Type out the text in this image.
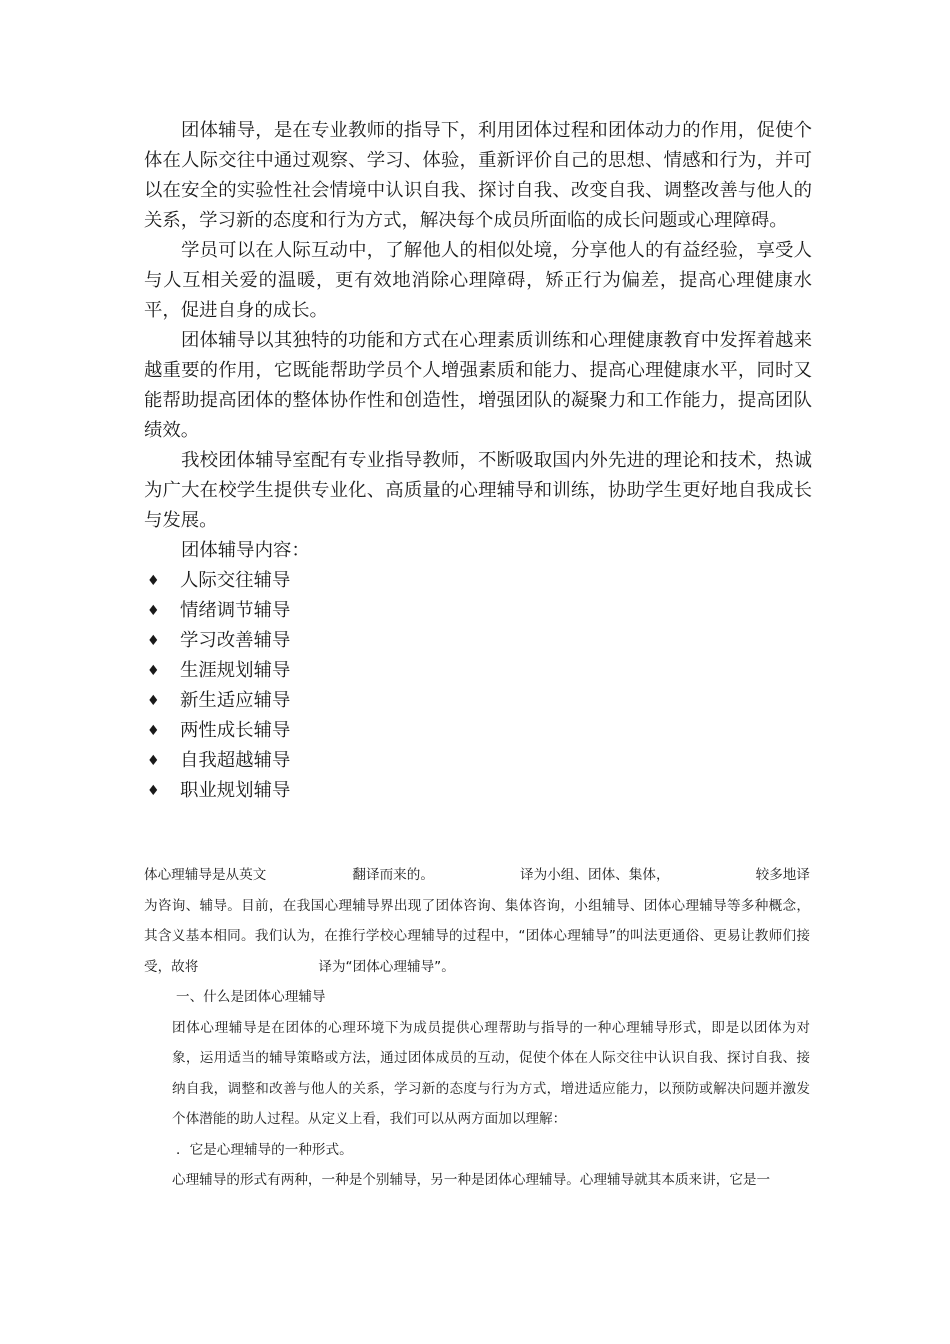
团体辅导，是在专业教师的指导下，利用团体过程和团体动力的作用，促使个体在人际交往中通过观察、学习、体验，重新评价自己的思想、情感和行为，并可以在安全的实验性社会情境中认识自我、探讨自我、改变自我、调整改善与他人的关系，学习新的态度和行为方式，解决每个成员所面临的成长问题或心理障碍。

学员可以在人际互动中，了解他人的相似处境，分享他人的有益经验，享受人与人互相关爱的温暖，更有效地消除心理障碍，矫正行为偏差，提高心理健康水平，促进自身的成长。

团体辅导以其独特的功能和方式在心理素质训练和心理健康教育中发挥着越来越重要的作用，它既能帮助学员个人增强素质和能力、提高心理健康水平，同时又能帮助提高团体的整体协作性和创造性，增强团队的凝聚力和工作能力，提高团队绩效。

我校团体辅导室配有专业指导教师，不断吸取国内外先进的理论和技术，热诚为广大在校学生提供专业化、高质量的心理辅导和训练，协助学生更好地自我成长与发展。

团体辅导内容：

♦ 人际交往辅导
♦ 情绪调节辅导
♦ 学习改善辅导
♦ 生涯规划辅导
♦ 新生适应辅导
♦ 两性成长辅导
♦ 自我超越辅导
♦ 职业规划辅导
体心理辅导是从英文	翻译而来的。	译为小组、团体、集体，	较多地译

为咨询、辅导。目前，在我国心理辅导界出现了团体咨询、集体咨询，小组辅导、团体心理辅导等多种概念，其含义基本相同。我们认为，在推行学校心理辅导的过程中，“团体心理辅导”的叫法更通俗、更易让教师们接受，故将	译为“团体心理辅导”。

一、什么是团体心理辅导

团体心理辅导是在团体的心理环境下为成员提供心理帮助与指导的一种心理辅导形式，即是以团体为对象，运用适当的辅导策略或方法，通过团体成员的互动，促使个体在人际交往中认识自我、探讨自我、接纳自我，调整和改善与他人的关系，学习新的态度与行为方式，增进适应能力，以预防或解决问题并激发个体潜能的助人过程。从定义上看，我们可以从两方面加以理解：

．它是心理辅导的一种形式。

心理辅导的形式有两种，一种是个别辅导，另一种是团体心理辅导。心理辅导就其本质来讲，它是一
